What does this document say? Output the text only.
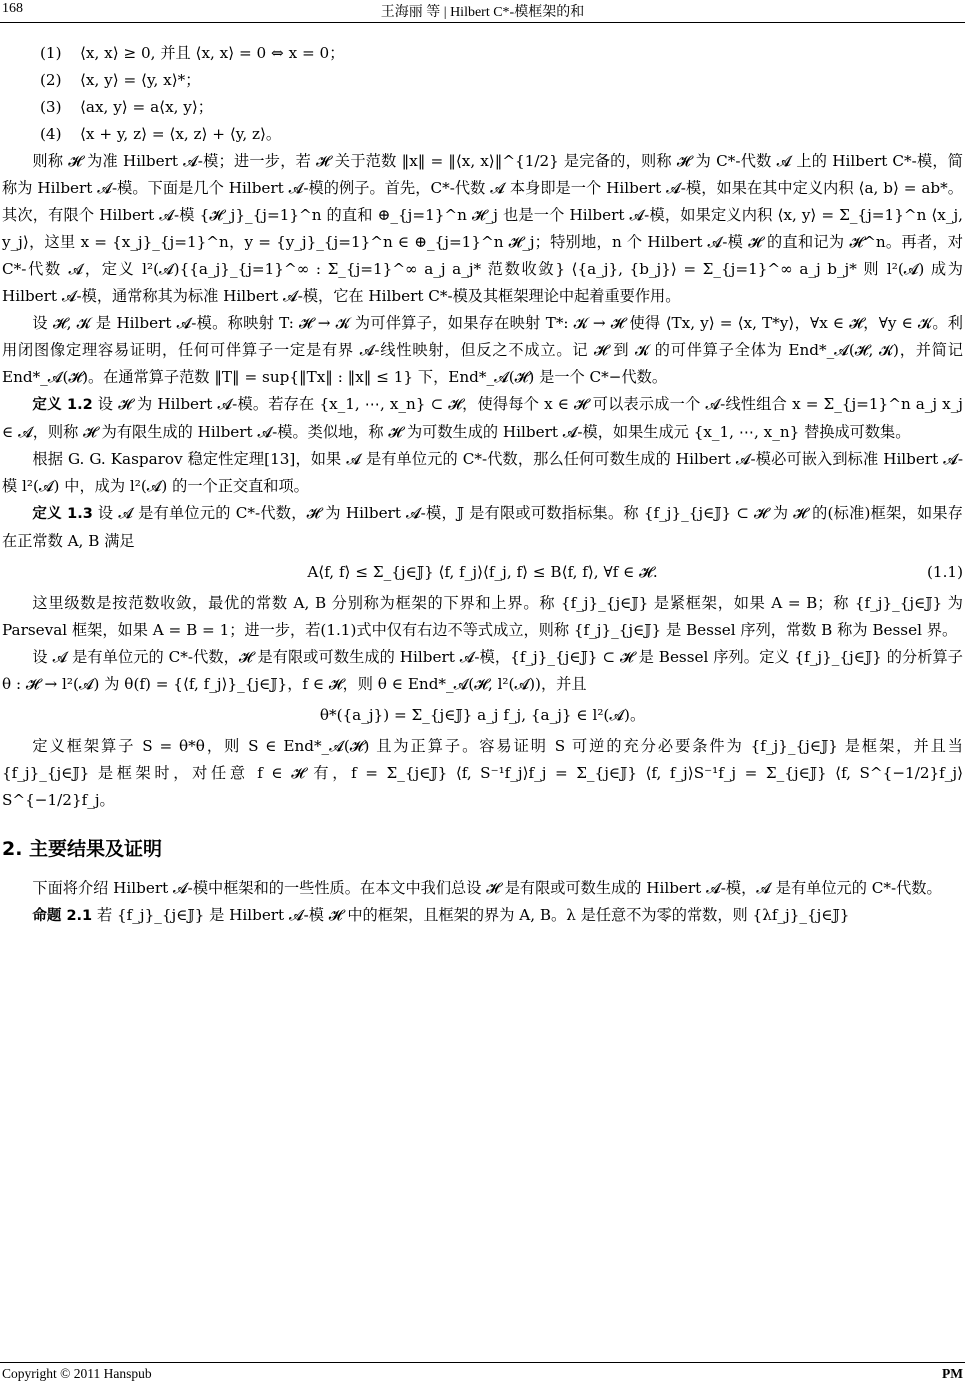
168	王海丽 等 | Hilbert C*-模框架的和
(1) ⟨x, x⟩ ≥ 0, 并且 ⟨x, x⟩ = 0 ⇔ x = 0；
(2) ⟨x, y⟩ = ⟨y, x⟩*；
(3) ⟨ax, y⟩ = a⟨x, y⟩；
(4) ⟨x + y, z⟩ = ⟨x, z⟩ + ⟨y, z⟩。

则称 𝓗 为准 Hilbert 𝓐-模；进一步，若 𝓗 关于范数 ‖x‖ = ‖⟨x, x⟩‖^{1/2} 是完备的，则称 𝓗 为 C*-代数 𝓐 上的 Hilbert C*-模，简称为 Hilbert 𝓐-模。下面是几个 Hilbert 𝓐-模的例子。首先，C*-代数 𝓐 本身即是一个 Hilbert 𝓐-模，如果在其中定义内积 ⟨a, b⟩ = ab*。其次，有限个 Hilbert 𝓐-模 {𝓗_j}_{j=1}^n 的直和 ⊕_{j=1}^n 𝓗_j 也是一个 Hilbert 𝓐-模，如果定义内积 ⟨x, y⟩ = Σ_{j=1}^n ⟨x_j, y_j⟩，这里 x = {x_j}_{j=1}^n，y = {y_j}_{j=1}^n ∈ ⊕_{j=1}^n 𝓗_j；特别地，n 个 Hilbert 𝓐-模 𝓗 的直和记为 𝓗^n。再者，对 C*-代数 𝓐，定义 l²(𝓐){{a_j}_{j=1}^∞ : Σ_{j=1}^∞ a_j a_j* 范数收敛} ⟨{a_j}, {b_j}⟩ = Σ_{j=1}^∞ a_j b_j* 则 l²(𝓐) 成为 Hilbert 𝓐-模，通常称其为标准 Hilbert 𝓐-模，它在 Hilbert C*-模及其框架理论中起着重要作用。

设 𝓗, 𝓚 是 Hilbert 𝓐-模。称映射 T: 𝓗 → 𝓚 为可伴算子，如果存在映射 T*: 𝓚 → 𝓗 使得 ⟨Tx, y⟩ = ⟨x, T*y⟩，∀x ∈ 𝓗，∀y ∈ 𝓚。利用闭图像定理容易证明，任何可伴算子一定是有界 𝓐-线性映射，但反之不成立。记 𝓗 到 𝓚 的可伴算子全体为 End*_𝓐(𝓗, 𝓚)，并简记 End*_𝓐(𝓗)。在通常算子范数 ‖T‖ = sup{‖Tx‖ : ‖x‖ ≤ 1} 下，End*_𝓐(𝓗) 是一个 C*−代数。

定义 1.2 设 𝓗 为 Hilbert 𝓐-模。若存在 {x_1, ⋯, x_n} ⊂ 𝓗，使得每个 x ∈ 𝓗 可以表示成一个 𝓐-线性组合 x = Σ_{j=1}^n a_j x_j ∈ 𝓐，则称 𝓗 为有限生成的 Hilbert 𝓐-模。类似地，称 𝓗 为可数生成的 Hilbert 𝓐-模，如果生成元 {x_1, ⋯, x_n} 替换成可数集。

根据 G. G. Kasparov 稳定性定理[13]，如果 𝓐 是有单位元的 C*-代数，那么任何可数生成的 Hilbert 𝓐-模必可嵌入到标准 Hilbert 𝓐-模 l²(𝓐) 中，成为 l²(𝓐) 的一个正交直和项。

定义 1.3 设 𝓐 是有单位元的 C*-代数，𝓗 为 Hilbert 𝓐-模，𝕁 是有限或可数指标集。称 {f_j}_{j∈𝕁} ⊂ 𝓗 为 𝓗 的(标准)框架，如果存在正常数 A, B 满足

A⟨f, f⟩ ≤ Σ_{j∈𝕁} ⟨f, f_j⟩⟨f_j, f⟩ ≤ B⟨f, f⟩, ∀f ∈ 𝓗.	(1.1)

这里级数是按范数收敛，最优的常数 A, B 分别称为框架的下界和上界。称 {f_j}_{j∈𝕁} 是紧框架，如果 A = B；称 {f_j}_{j∈𝕁} 为 Parseval 框架，如果 A = B = 1；进一步，若(1.1)式中仅有右边不等式成立，则称 {f_j}_{j∈𝕁} 是 Bessel 序列，常数 B 称为 Bessel 界。

设 𝓐 是有单位元的 C*-代数，𝓗 是有限或可数生成的 Hilbert 𝓐-模，{f_j}_{j∈𝕁} ⊂ 𝓗 是 Bessel 序列。定义 {f_j}_{j∈𝕁} 的分析算子 θ : 𝓗 → l²(𝓐) 为 θ(f) = {⟨f, f_j⟩}_{j∈𝕁}，f ∈ 𝓗，则 θ ∈ End*_𝓐(𝓗, l²(𝓐))，并且

θ*({a_j}) = Σ_{j∈𝕁} a_j f_j, {a_j} ∈ l²(𝓐)。

定义框架算子 S = θ*θ，则 S ∈ End*_𝓐(𝓗) 且为正算子。容易证明 S 可逆的充分必要条件为 {f_j}_{j∈𝕁} 是框架，并且当 {f_j}_{j∈𝕁} 是框架时，对任意 f ∈ 𝓗 有，f = Σ_{j∈𝕁} ⟨f, S⁻¹f_j⟩f_j = Σ_{j∈𝕁} ⟨f, f_j⟩S⁻¹f_j = Σ_{j∈𝕁} ⟨f, S^{−1/2}f_j⟩S^{−1/2}f_j。

2. 主要结果及证明

下面将介绍 Hilbert 𝓐-模中框架和的一些性质。在本文中我们总设 𝓗 是有限或可数生成的 Hilbert 𝓐-模，𝓐 是有单位元的 C*-代数。

命题 2.1 若 {f_j}_{j∈𝕁} 是 Hilbert 𝓐-模 𝓗 中的框架，且框架的界为 A, B。λ 是任意不为零的常数，则 {λf_j}_{j∈𝕁}

Copyright © 2011 Hanspub	PM
